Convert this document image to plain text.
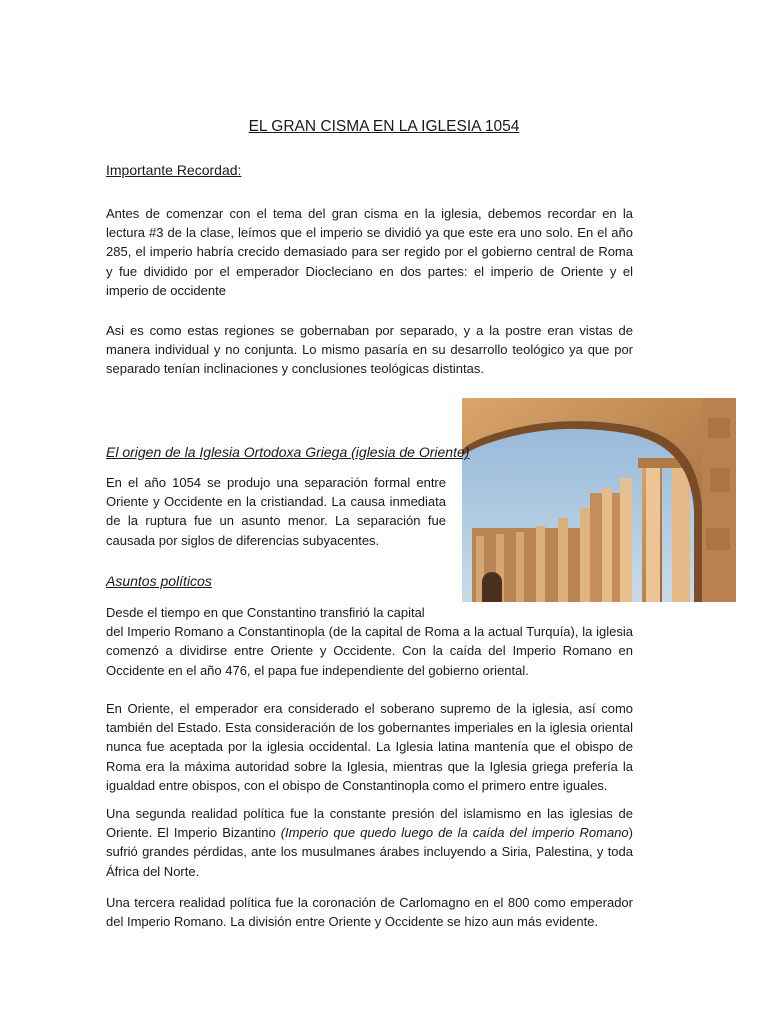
EL GRAN CISMA EN LA IGLESIA 1054
Importante Recordad:

Antes de comenzar con el tema del gran cisma en la iglesia, debemos recordar en la lectura #3 de la clase, leímos que el imperio se dividió ya que este era uno solo. En el año 285, el imperio habría crecido demasiado para ser regido por el gobierno central de Roma y fue dividido por el emperador Diocleciano en dos partes: el imperio de Oriente y el imperio de occidente

Asi es como estas regiones se gobernaban por separado, y a la postre eran vistas de manera individual y no conjunta. Lo mismo pasaría en su desarrollo teológico ya que por separado tenían inclinaciones y conclusiones teológicas distintas.

El origen de la Iglesia Ortodoxa Griega (iglesia de Oriente)

En el año 1054 se produjo una separación formal entre Oriente y Occidente en la cristiandad. La causa inmediata de la ruptura fue un asunto menor. La separación fue causada por siglos de diferencias subyacentes.

Asuntos políticos

Desde el tiempo en que Constantino transfirió la capital
del Imperio Romano a Constantinopla (de la capital de Roma a la actual Turquía), la iglesia comenzó a dividirse entre Oriente y Occidente. Con la caída del Imperio Romano en Occidente en el año 476, el papa fue independiente del gobierno oriental.

En Oriente, el emperador era considerado el soberano supremo de la iglesia, así como también del Estado. Esta consideración de los gobernantes imperiales en la iglesia oriental nunca fue aceptada por la iglesia occidental. La Iglesia latina mantenía que el obispo de Roma era la máxima autoridad sobre la Iglesia, mientras que la Iglesia griega prefería la igualdad entre obispos, con el obispo de Constantinopla como el primero entre iguales.

Una segunda realidad política fue la constante presión del islamismo en las iglesias de Oriente. El Imperio Bizantino (Imperio que quedo luego de la caída del imperio Romano) sufrió grandes pérdidas, ante los musulmanes árabes incluyendo a Siria, Palestina, y toda África del Norte.

Una tercera realidad política fue la coronación de Carlomagno en el 800 como emperador del Imperio Romano. La división entre Oriente y Occidente se hizo aun más evidente.
